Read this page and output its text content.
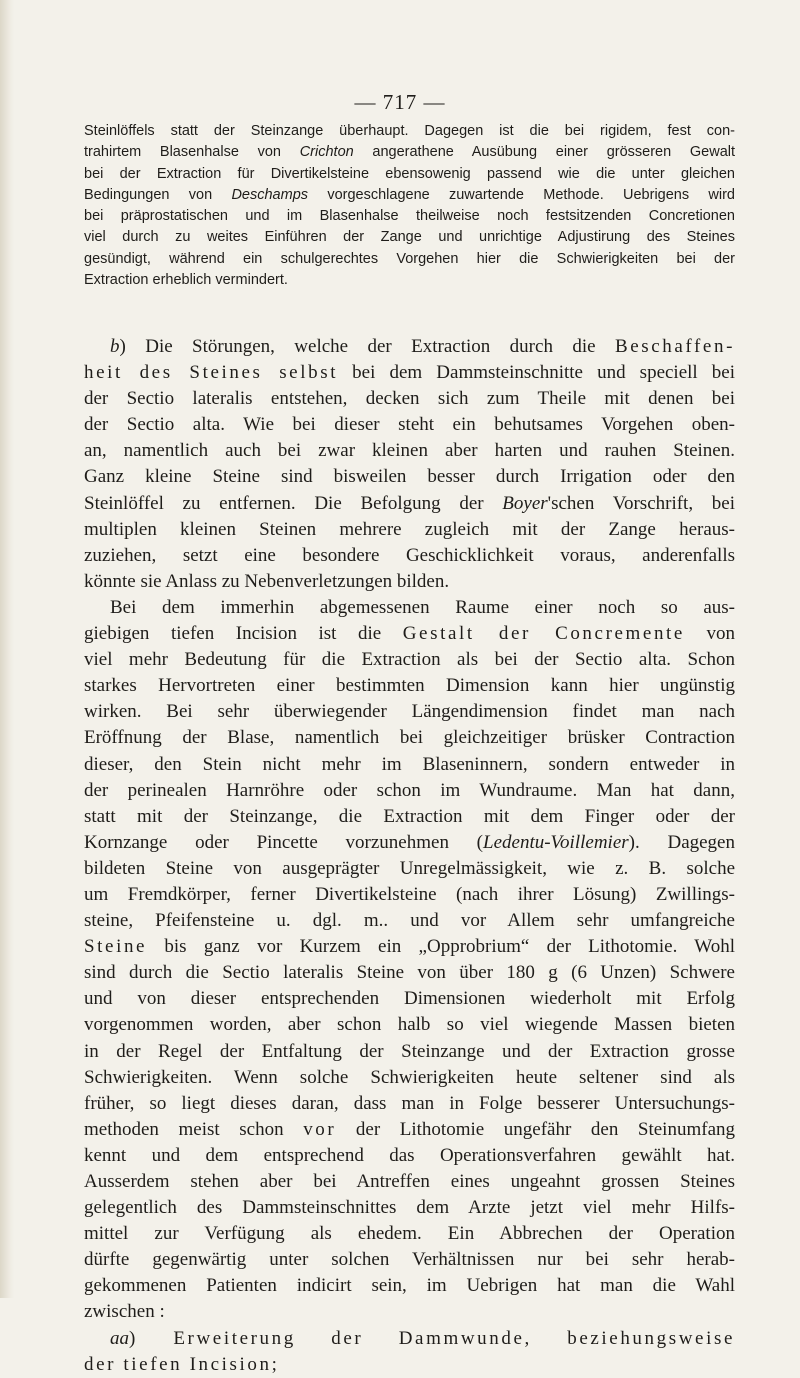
— 717 —
Steinlöffels statt der Steinzange überhaupt. Dagegen ist die bei rigidem, fest con-
trahirtem Blasenhalse von Crichton angerathene Ausübung einer grösseren Gewalt
bei der Extraction für Divertikelsteine ebensowenig passend wie die unter gleichen
Bedingungen von Deschamps vorgeschlagene zuwartende Methode. Uebrigens wird
bei präprostatischen und im Blasenhalse theilweise noch festsitzenden Concretionen
viel durch zu weites Einführen der Zange und unrichtige Adjustirung des Steines
gesündigt, während ein schulgerechtes Vorgehen hier die Schwierigkeiten bei der
Extraction erheblich vermindert.
b) Die Störungen, welche der Extraction durch die Beschaffen-
heit des Steines selbst bei dem Dammsteinschnitte und speciell bei
der Sectio lateralis entstehen, decken sich zum Theile mit denen bei
der Sectio alta. Wie bei dieser steht ein behutsames Vorgehen oben-
an, namentlich auch bei zwar kleinen aber harten und rauhen Steinen.
Ganz kleine Steine sind bisweilen besser durch Irrigation oder den
Steinlöffel zu entfernen. Die Befolgung der Boyer'schen Vorschrift, bei
multiplen kleinen Steinen mehrere zugleich mit der Zange heraus-
zuziehen, setzt eine besondere Geschicklichkeit voraus, anderenfalls
könnte sie Anlass zu Nebenverletzungen bilden.
Bei dem immerhin abgemessenen Raume einer noch so aus-
giebigen tiefen Incision ist die Gestalt der Concremente von
viel mehr Bedeutung für die Extraction als bei der Sectio alta. Schon
starkes Hervortreten einer bestimmten Dimension kann hier ungünstig
wirken. Bei sehr überwiegender Längendimension findet man nach
Eröffnung der Blase, namentlich bei gleichzeitiger brüsker Contraction
dieser, den Stein nicht mehr im Blaseninnern, sondern entweder in
der perinealen Harnröhre oder schon im Wundraume. Man hat dann,
statt mit der Steinzange, die Extraction mit dem Finger oder der
Kornzange oder Pincette vorzunehmen (Ledentu-Voillemier). Dagegen
bildeten Steine von ausgeprägter Unregelmässigkeit, wie z. B. solche
um Fremdkörper, ferner Divertikelsteine (nach ihrer Lösung) Zwillings-
steine, Pfeifensteine u. dgl. m.. und vor Allem sehr umfangreiche
Steine bis ganz vor Kurzem ein „Opprobrium“ der Lithotomie. Wohl
sind durch die Sectio lateralis Steine von über 180 g (6 Unzen) Schwere
und von dieser entsprechenden Dimensionen wiederholt mit Erfolg
vorgenommen worden, aber schon halb so viel wiegende Massen bieten
in der Regel der Entfaltung der Steinzange und der Extraction grosse
Schwierigkeiten. Wenn solche Schwierigkeiten heute seltener sind als
früher, so liegt dieses daran, dass man in Folge besserer Untersuchungs-
methoden meist schon vor der Lithotomie ungefähr den Steinumfang
kennt und dem entsprechend das Operationsverfahren gewählt hat.
Ausserdem stehen aber bei Antreffen eines ungeahnt grossen Steines
gelegentlich des Dammsteinschnittes dem Arzte jetzt viel mehr Hilfs-
mittel zur Verfügung als ehedem. Ein Abbrechen der Operation
dürfte gegenwärtig unter solchen Verhältnissen nur bei sehr herab-
gekommenen Patienten indicirt sein, im Uebrigen hat man die Wahl
zwischen :
aa) Erweiterung der Dammwunde, beziehungsweise
der tiefen Incision;
